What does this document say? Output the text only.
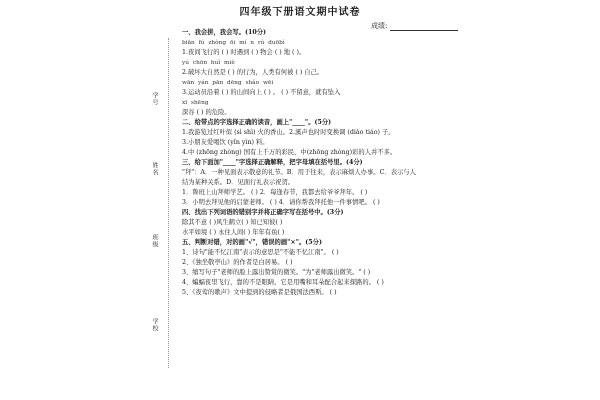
四年级下册语文期中试卷
成绩:
学号
姓名
班级
学校
一、我会拼，我会写。(10分)
biān fú zhòng ōi mí n rú duōbì
1.夜间飞行的 ( ) 时遇到 ( ) 物会 ( ) 地 ( )。
yú chōn huǐ miè
2.破坏大自然是 ( ) 的行为，人类有何被 ( ) 自己。
wān yán pān dēng shǎo wēi
3.运动员沿着 ( ) 的山间向上 ( ) 。 ( ) 不留意，就有坠入
xī shēng
深谷 ( ) 的危险。
二、给带点的字选择正确的读音，画上"____"。(5分)
1.我游览过红叶似 (sì shì) 火的香山。2.溪声也时时变换调 (diào tiáo) 子。
3.小朋友爱喝饮 (yǐn yìn) 料。
4.中 (zhōng zhòng) 国有上千万的彩民，中(zhōng zhòng)彩的人并不多。
三、给下面加"____"字选择正确解释，把字母填在括号里。(4分)
"拜"：A．一种见面表示敬意的礼节。B．用于往来，表示麻烦人办事。C．表示与人
结为某种关系。D．见面行礼表示祝贺。
1．鲁班上山拜师学艺。 ( ) 2．每逢春节，我都去给爷爷拜年。 ( )
3．小明去拜见他的启蒙老师。 ( ) 4．请你帮我拜托他一件事情吧。 ( )
四、找出下列词语的错别字并将正确字写在括号中。(3分)
除其不意 ( )风生鹤立( ) 知已知彼( )
水平如境 ( ) 永住人间( ) 年年有鱼( )
五、判断对错，对的画"√"，错误的画"×"。(5分)
1、诗句"能不忆江南"表示的意思是"不能不忆江南"。 ( )
2、《独坐敬亭山》的作者是白居易。 ( )
3、缩写句子"老师的脸上露出赞赏的微笑。"为"老师露出微笑。" ( )
4、蝙蝠夜里飞行，靠的不是眼睛，它是用嘴和耳朵配合起来探路的。 ( )
5、《夜莺的歌声》文中提到的侵略者是俄国法西斯。 ( )
